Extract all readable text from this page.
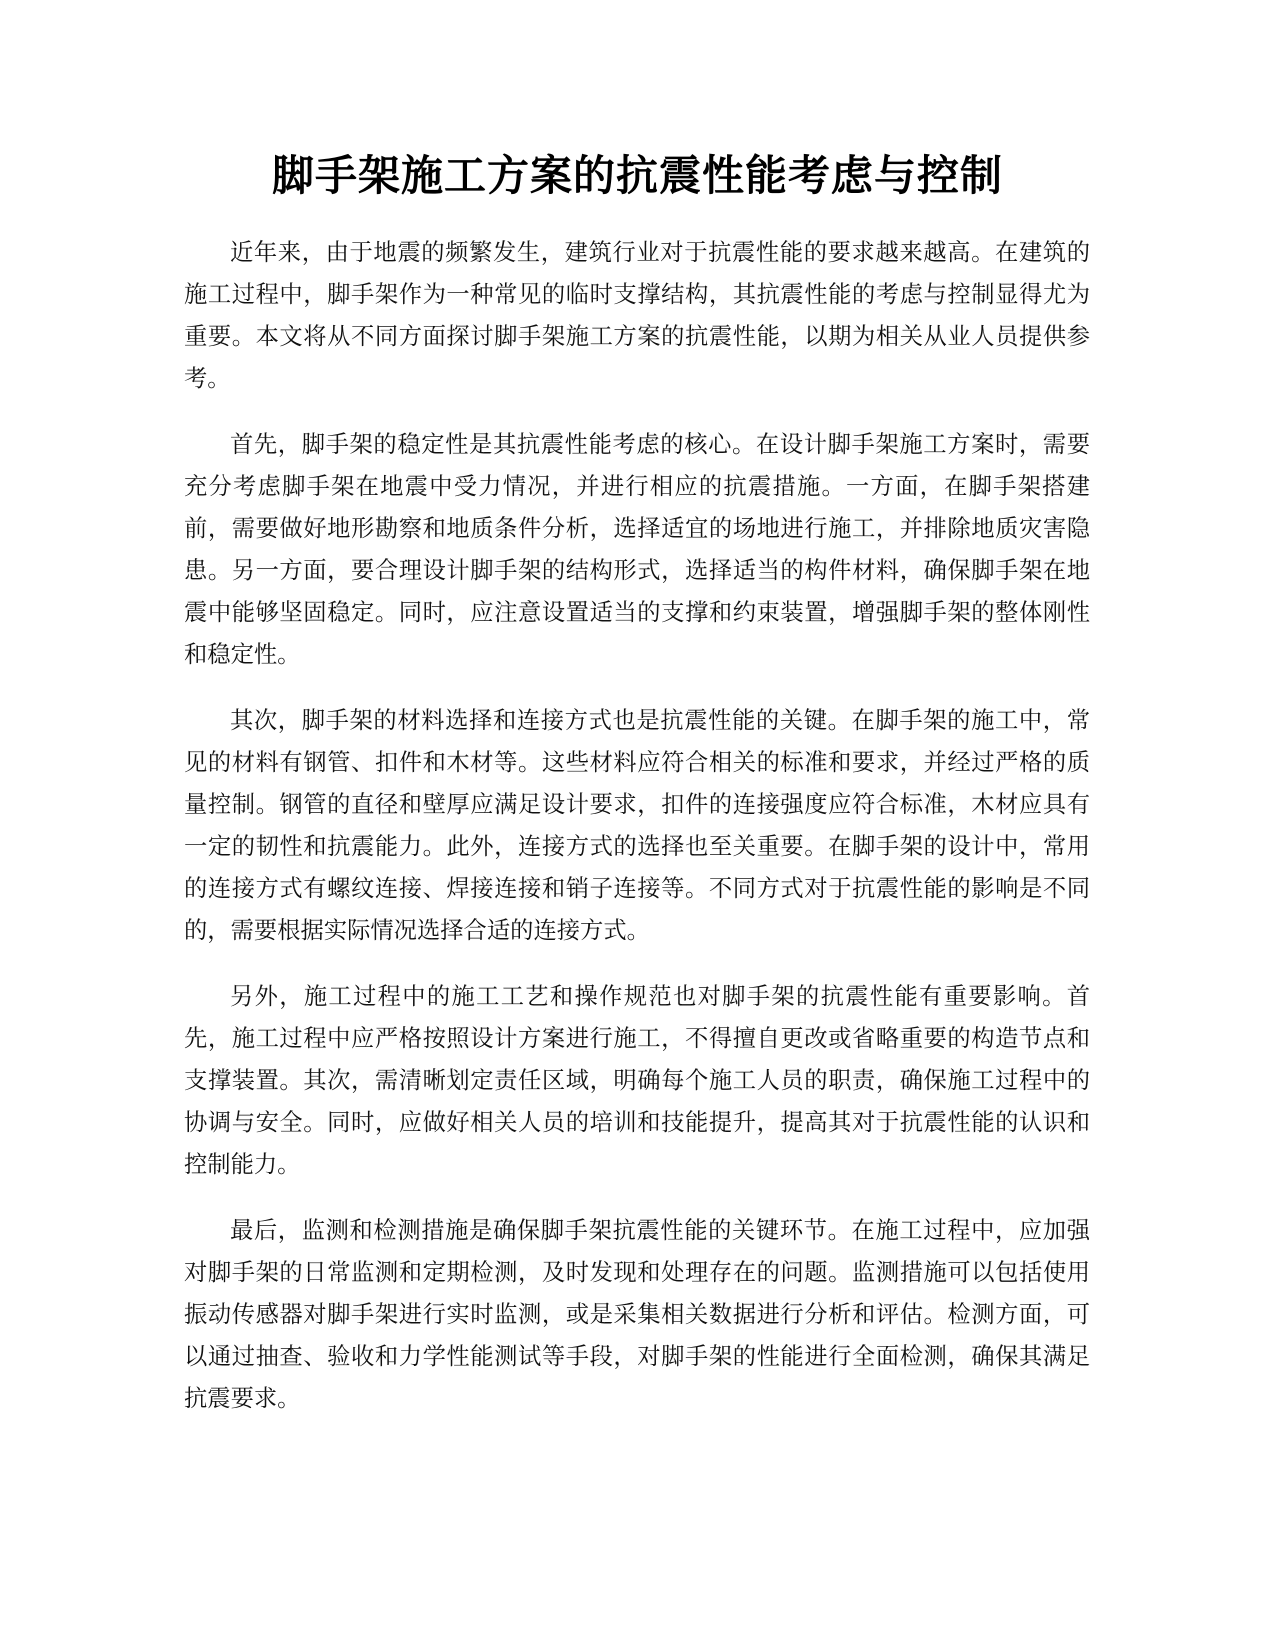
脚手架施工方案的抗震性能考虑与控制

近年来，由于地震的频繁发生，建筑行业对于抗震性能的要求越来越高。在建筑的施工过程中，脚手架作为一种常见的临时支撑结构，其抗震性能的考虑与控制显得尤为重要。本文将从不同方面探讨脚手架施工方案的抗震性能，以期为相关从业人员提供参考。

首先，脚手架的稳定性是其抗震性能考虑的核心。在设计脚手架施工方案时，需要充分考虑脚手架在地震中受力情况，并进行相应的抗震措施。一方面，在脚手架搭建前，需要做好地形勘察和地质条件分析，选择适宜的场地进行施工，并排除地质灾害隐患。另一方面，要合理设计脚手架的结构形式，选择适当的构件材料，确保脚手架在地震中能够坚固稳定。同时，应注意设置适当的支撑和约束装置，增强脚手架的整体刚性和稳定性。

其次，脚手架的材料选择和连接方式也是抗震性能的关键。在脚手架的施工中，常见的材料有钢管、扣件和木材等。这些材料应符合相关的标准和要求，并经过严格的质量控制。钢管的直径和壁厚应满足设计要求，扣件的连接强度应符合标准，木材应具有一定的韧性和抗震能力。此外，连接方式的选择也至关重要。在脚手架的设计中，常用的连接方式有螺纹连接、焊接连接和销子连接等。不同方式对于抗震性能的影响是不同的，需要根据实际情况选择合适的连接方式。

另外，施工过程中的施工工艺和操作规范也对脚手架的抗震性能有重要影响。首先，施工过程中应严格按照设计方案进行施工，不得擅自更改或省略重要的构造节点和支撑装置。其次，需清晰划定责任区域，明确每个施工人员的职责，确保施工过程中的协调与安全。同时，应做好相关人员的培训和技能提升，提高其对于抗震性能的认识和控制能力。

最后，监测和检测措施是确保脚手架抗震性能的关键环节。在施工过程中，应加强对脚手架的日常监测和定期检测，及时发现和处理存在的问题。监测措施可以包括使用振动传感器对脚手架进行实时监测，或是采集相关数据进行分析和评估。检测方面，可以通过抽查、验收和力学性能测试等手段，对脚手架的性能进行全面检测，确保其满足抗震要求。
